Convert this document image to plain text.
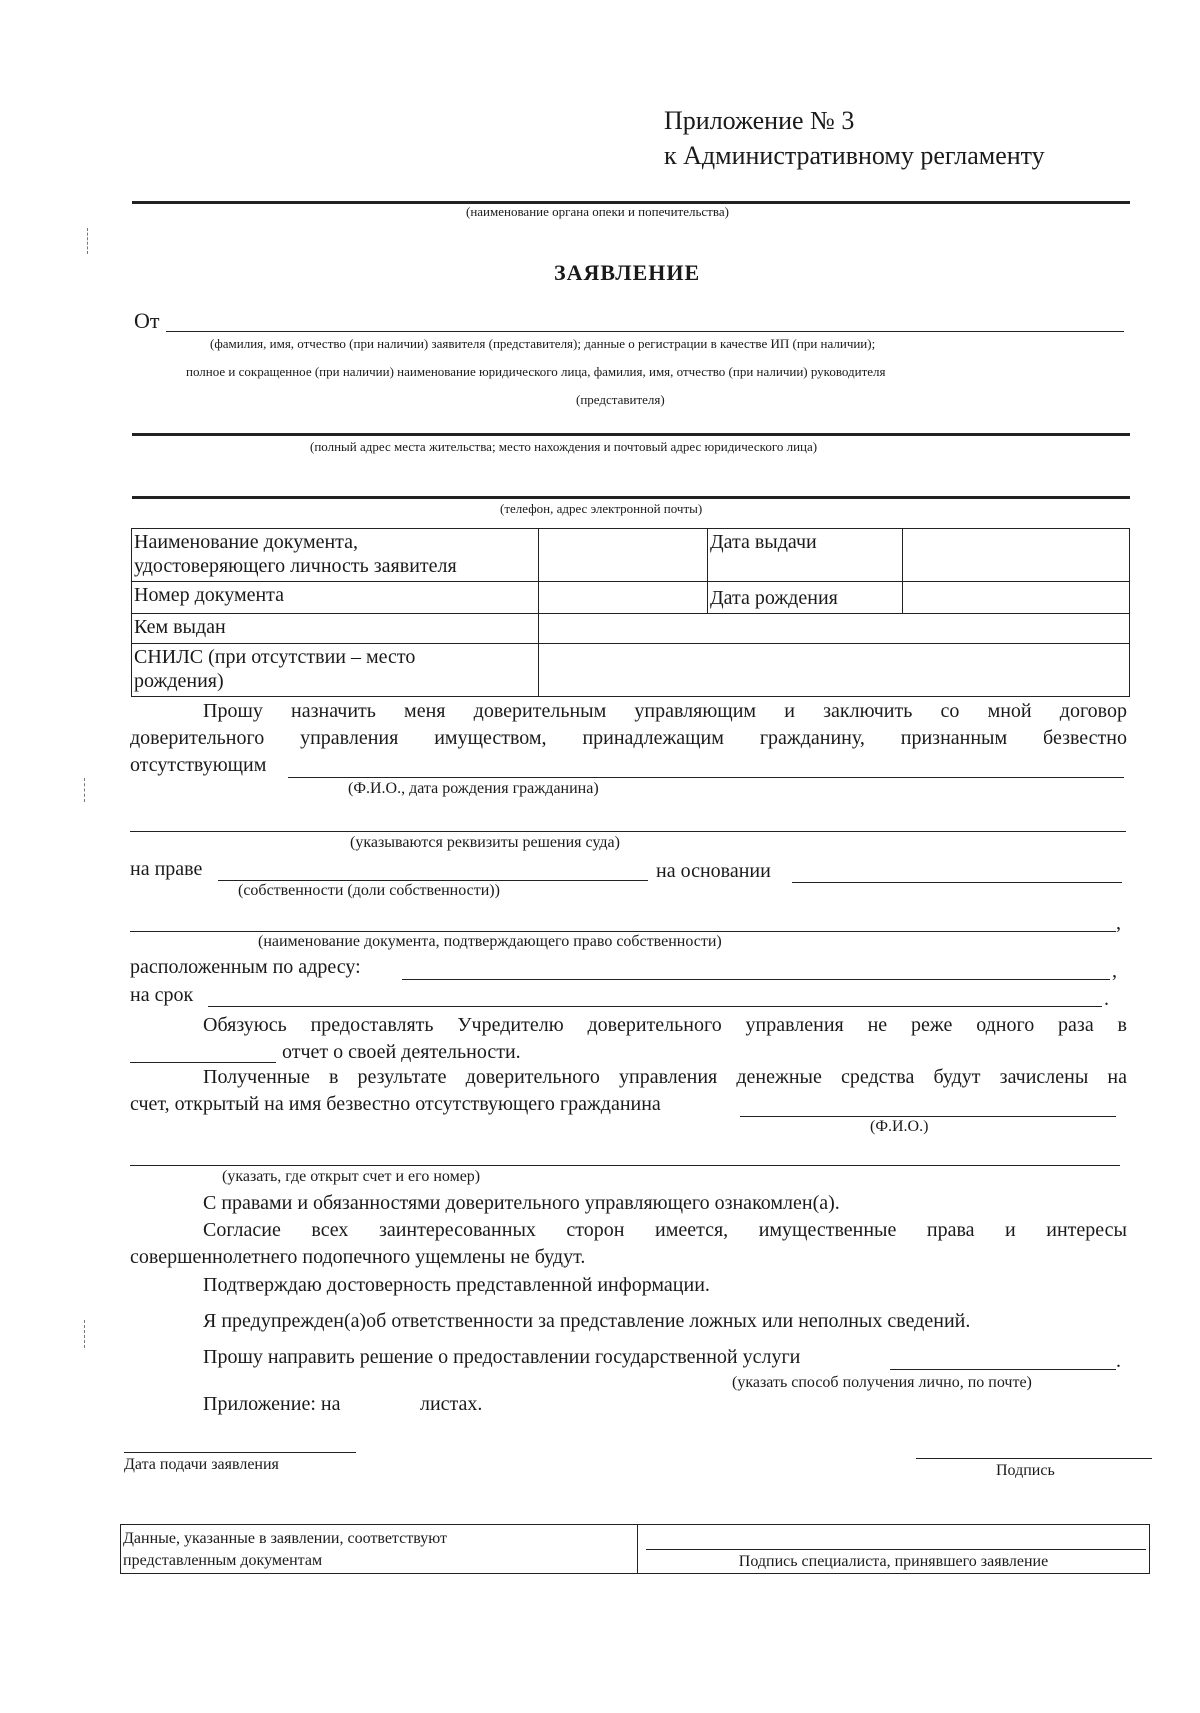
Приложение № 3
к Административному регламенту
(наименование органа опеки и попечительства)
ЗАЯВЛЕНИЕ
От
(фамилия, имя, отчество (при наличии) заявителя (представителя); данные о регистрации в качестве ИП (при наличии);
полное и сокращенное (при наличии) наименование юридического лица, фамилия, имя, отчество (при наличии) руководителя
(представителя)
(полный адрес места жительства; место нахождения и почтовый адрес юридического лица)
(телефон, адрес электронной почты)
Наименование документа,
удостоверяющего личность заявителя		Дата выдачи	
Номер документа		Дата рождения	
Кем выдан			

СНИЛС (при отсутствии – место
рождения)			

Прошу назначить меня доверительным управляющим и заключить со мной договор
доверительного управления имуществом, принадлежащим гражданину, признанным безвестно
отсутствующим
(Ф.И.О., дата рождения гражданина)
(указываются реквизиты решения суда)
на праве	на основании
(собственности (доли собственности))
,
(наименование документа, подтверждающего право собственности)
расположенным по адресу:	,
на срок	.
Обязуюсь предоставлять Учредителю доверительного управления не реже одного раза в
отчет о своей деятельности.
Полученные в результате доверительного управления денежные средства будут зачислены на
счет, открытый на имя безвестно отсутствующего гражданина
(Ф.И.О.)
(указать, где открыт счет и его номер)
С правами и обязанностями доверительного управляющего ознакомлен(а).
Согласие всех заинтересованных сторон имеется, имущественные права и интересы
совершеннолетнего подопечного ущемлены не будут.
Подтверждаю достоверность представленной информации.
Я предупрежден(а)об ответственности за представление ложных или неполных сведений.
Прошу направить решение о предоставлении государственной услуги	.
(указать способ получения лично, по почте)
Приложение: на	листах.
Дата подачи заявления	Подпись
Данные, указанные в заявлении, соответствуют
представленным документам	Подпись специалиста, принявшего заявление
